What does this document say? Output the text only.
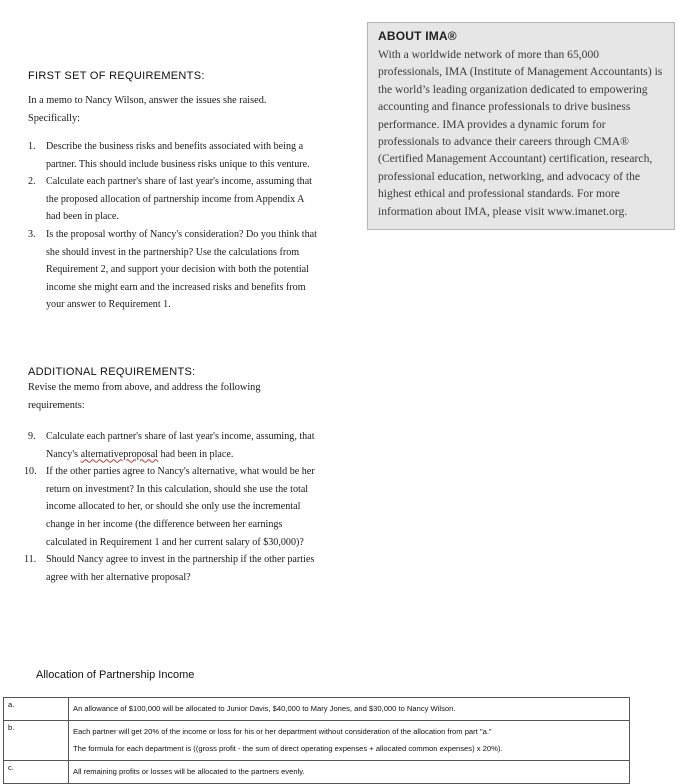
ABOUT IMA®

With a worldwide network of more than 65,000 professionals, IMA (Institute of Management Accountants) is the world’s leading organization dedicated to empowering accounting and finance professionals to drive business performance. IMA provides a dynamic forum for professionals to advance their careers through CMA® (Certified Management Accountant) certification, research, professional education, networking, and advocacy of the highest ethical and professional standards. For more information about IMA, please visit www.imanet.org.

FIRST SET OF REQUIREMENTS:

In a memo to Nancy Wilson, answer the issues she raised. Specifically:

1. Describe the business risks and benefits associated with being a partner. This should include business risks unique to this venture.
2. Calculate each partner's share of last year's income, assuming that the proposed allocation of partnership income from Appendix A had been in place.
3. Is the proposal worthy of Nancy's consideration? Do you think that she should invest in the partnership? Use the calculations from Requirement 2, and support your decision with both the potential income she might earn and the increased risks and benefits from your answer to Requirement 1.
ADDITIONAL REQUIREMENTS:

Revise the memo from above, and address the following requirements:

9. Calculate each partner's share of last year's income, assuming, that Nancy's alternativeproposal had been in place.
10. If the other parties agree to Nancy's alternative, what would be her return on investment? In this calculation, should she use the total income allocated to her, or should she only use the incremental change in her income (the difference between her earnings calculated in Requirement 1 and her current salary of $30,000)?
11. Should Nancy agree to invest in the partnership if the other parties agree with her alternative proposal?
Allocation of Partnership Income
a.	An allowance of $100,000 will be allocated to Junior Davis, $40,000 to Mary Jones, and $30,000 to Nancy Wilson.

b.	Each partner will get 20% of the income or loss for his or her department without consideration of the allocation from part "a."
The formula for each department is ((gross profit - the sum of direct operating expenses + allocated common expenses) x 20%).

c.	All remaining profits or losses will be allocated to the partners evenly.
